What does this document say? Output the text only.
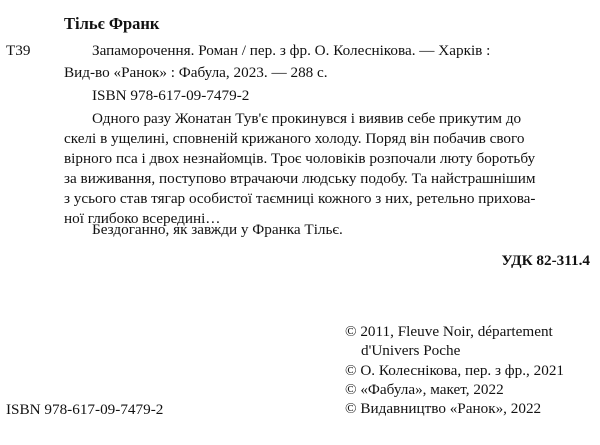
Тільє Франк
Т39	Запаморочення. Роман / пер. з фр. О. Колеснікова. — Харків :
Вид-во «Ранок» : Фабула, 2023. — 288 с.
ISBN 978-617-09-7479-2
Одного разу Жонатан Тув'є прокинувся і виявив себе прикутим до
скелі в ущелині, сповненій крижаного холоду. Поряд він побачив свого
вірного пса і двох незнайомців. Троє чоловіків розпочали люту боротьбу
за виживання, поступово втрачаючи людську подобу. Та найстрашнішим
з усього став тягар особистої таємниці кожного з них, ретельно прихова-
ної глибоко всередині…
Бездоганно, як завжди у Франка Тільє.
УДК 82-311.4
© 2011, Fleuve Noir, département
d'Univers Poche
© О. Колеснікова, пер. з фр., 2021
© «Фабула», макет, 2022
© Видавництво «Ранок», 2022
ISBN 978-617-09-7479-2
